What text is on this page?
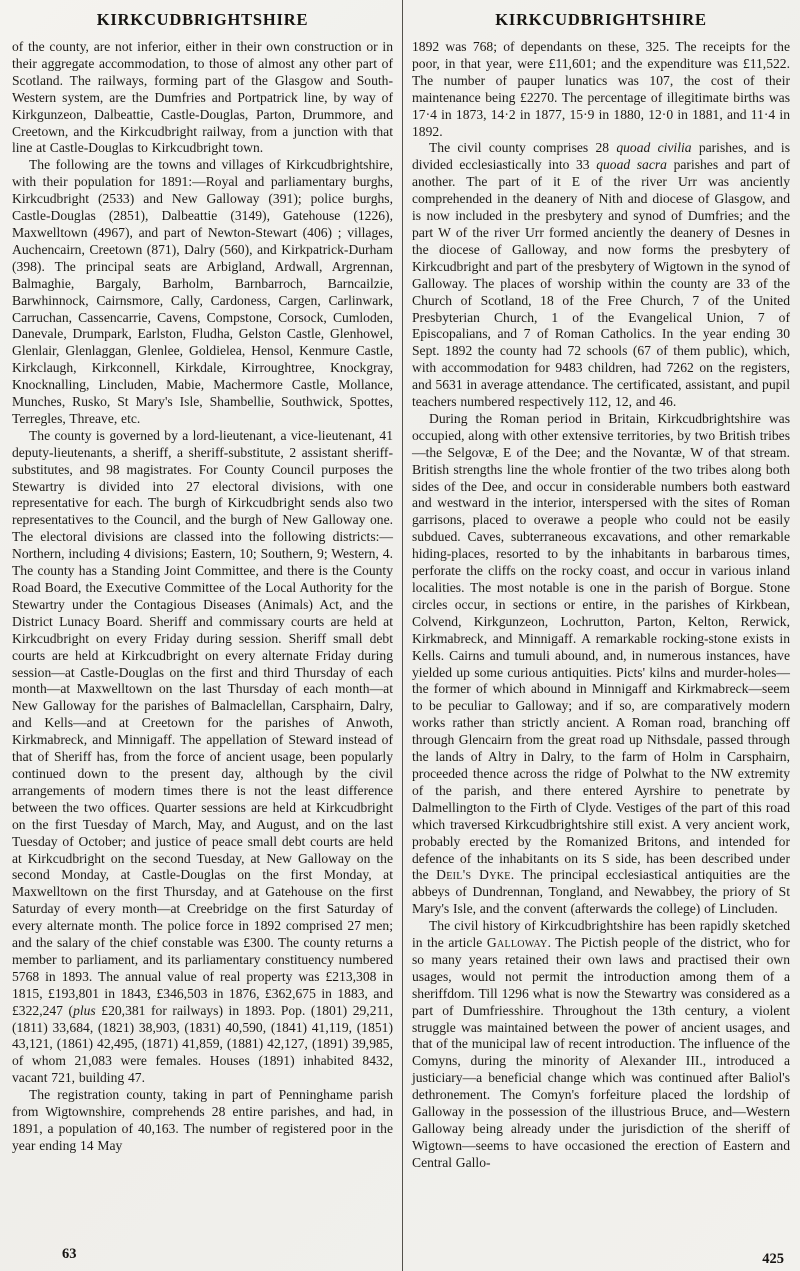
KIRKCUDBRIGHTSHIRE

of the county, are not inferior, either in their own construction or in their aggregate accommodation, to those of almost any other part of Scotland. The railways, forming part of the Glasgow and South-Western system, are the Dumfries and Portpatrick line, by way of Kirkgunzeon, Dalbeattie, Castle-Douglas, Parton, Drummore, and Creetown, and the Kirkcudbright railway, from a junction with that line at Castle-Douglas to Kirkcudbright town.

The following are the towns and villages of Kirkcudbrightshire, with their population for 1891:—Royal and parliamentary burghs, Kirkcudbright (2533) and New Galloway (391); police burghs, Castle-Douglas (2851), Dalbeattie (3149), Gatehouse (1226), Maxwelltown (4967), and part of Newton-Stewart (406) ; villages, Auchencairn, Creetown (871), Dalry (560), and Kirkpatrick-Durham (398). The principal seats are Arbigland, Ardwall, Argrennan, Balmaghie, Bargaly, Barholm, Barnbarroch, Barncailzie, Barwhinnock, Cairnsmore, Cally, Cardoness, Cargen, Carlinwark, Carruchan, Cassencarrie, Cavens, Compstone, Corsock, Cumloden, Danevale, Drumpark, Earlston, Fludha, Gelston Castle, Glenhowel, Glenlair, Glenlaggan, Glenlee, Goldielea, Hensol, Kenmure Castle, Kirkclaugh, Kirkconnell, Kirkdale, Kirroughtree, Knockgray, Knocknalling, Lincluden, Mabie, Machermore Castle, Mollance, Munches, Rusko, St Mary's Isle, Shambellie, Southwick, Spottes, Terregles, Threave, etc.

The county is governed by a lord-lieutenant, a vice-lieutenant, 41 deputy-lieutenants, a sheriff, a sheriff-substitute, 2 assistant sheriff-substitutes, and 98 magistrates. For County Council purposes the Stewartry is divided into 27 electoral divisions, with one representative for each. The burgh of Kirkcudbright sends also two representatives to the Council, and the burgh of New Galloway one. The electoral divisions are classed into the following districts:—Northern, including 4 divisions; Eastern, 10; Southern, 9; Western, 4. The county has a Standing Joint Committee, and there is the County Road Board, the Executive Committee of the Local Authority for the Stewartry under the Contagious Diseases (Animals) Act, and the District Lunacy Board. Sheriff and commissary courts are held at Kirkcudbright on every Friday during session. Sheriff small debt courts are held at Kirkcudbright on every alternate Friday during session—at Castle-Douglas on the first and third Thursday of each month—at Maxwelltown on the last Thursday of each month—at New Galloway for the parishes of Balmaclellan, Carsphairn, Dalry, and Kells—and at Creetown for the parishes of Anwoth, Kirkmabreck, and Minnigaff. The appellation of Steward instead of that of Sheriff has, from the force of ancient usage, been popularly continued down to the present day, although by the civil arrangements of modern times there is not the least difference between the two offices. Quarter sessions are held at Kirkcudbright on the first Tuesday of March, May, and August, and on the last Tuesday of October; and justice of peace small debt courts are held at Kirkcudbright on the second Tuesday, at New Galloway on the second Monday, at Castle-Douglas on the first Monday, at Maxwelltown on the first Thursday, and at Gatehouse on the first Saturday of every month—at Creebridge on the first Saturday of every alternate month. The police force in 1892 comprised 27 men; and the salary of the chief constable was £300. The county returns a member to parliament, and its parliamentary constituency numbered 5768 in 1893. The annual value of real property was £213,308 in 1815, £193,801 in 1843, £346,503 in 1876, £362,675 in 1883, and £322,247 (plus £20,381 for railways) in 1893. Pop. (1801) 29,211, (1811) 33,684, (1821) 38,903, (1831) 40,590, (1841) 41,119, (1851) 43,121, (1861) 42,495, (1871) 41,859, (1881) 42,127, (1891) 39,985, of whom 21,083 were females. Houses (1891) inhabited 8432, vacant 721, building 47.

The registration county, taking in part of Penninghame parish from Wigtownshire, comprehends 28 entire parishes, and had, in 1891, a population of 40,163. The number of registered poor in the year ending 14 May

KIRKCUDBRIGHTSHIRE

1892 was 768; of dependants on these, 325. The receipts for the poor, in that year, were £11,601; and the expenditure was £11,522. The number of pauper lunatics was 107, the cost of their maintenance being £2270. The percentage of illegitimate births was 17·4 in 1873, 14·2 in 1877, 15·9 in 1880, 12·0 in 1881, and 11·4 in 1892.

The civil county comprises 28 quoad civilia parishes, and is divided ecclesiastically into 33 quoad sacra parishes and part of another. The part of it E of the river Urr was anciently comprehended in the deanery of Nith and diocese of Glasgow, and is now included in the presbytery and synod of Dumfries; and the part W of the river Urr formed anciently the deanery of Desnes in the diocese of Galloway, and now forms the presbytery of Kirkcudbright and part of the presbytery of Wigtown in the synod of Galloway. The places of worship within the county are 33 of the Church of Scotland, 18 of the Free Church, 7 of the United Presbyterian Church, 1 of the Evangelical Union, 7 of Episcopalians, and 7 of Roman Catholics. In the year ending 30 Sept. 1892 the county had 72 schools (67 of them public), which, with accommodation for 9483 children, had 7262 on the registers, and 5631 in average attendance. The certificated, assistant, and pupil teachers numbered respectively 112, 12, and 46.

During the Roman period in Britain, Kirkcudbrightshire was occupied, along with other extensive territories, by two British tribes—the Selgovæ, E of the Dee; and the Novantæ, W of that stream. British strengths line the whole frontier of the two tribes along both sides of the Dee, and occur in considerable numbers both eastward and westward in the interior, interspersed with the sites of Roman garrisons, placed to overawe a people who could not be easily subdued. Caves, subterraneous excavations, and other remarkable hiding-places, resorted to by the inhabitants in barbarous times, perforate the cliffs on the rocky coast, and occur in various inland localities. The most notable is one in the parish of Borgue. Stone circles occur, in sections or entire, in the parishes of Kirkbean, Colvend, Kirkgunzeon, Lochrutton, Parton, Kelton, Rerwick, Kirkmabreck, and Minnigaff. A remarkable rocking-stone exists in Kells. Cairns and tumuli abound, and, in numerous instances, have yielded up some curious antiquities. Picts' kilns and murder-holes—the former of which abound in Minnigaff and Kirkmabreck—seem to be peculiar to Galloway; and if so, are comparatively modern works rather than strictly ancient. A Roman road, branching off through Glencairn from the great road up Nithsdale, passed through the lands of Altry in Dalry, to the farm of Holm in Carsphairn, proceeded thence across the ridge of Polwhat to the NW extremity of the parish, and there entered Ayrshire to penetrate by Dalmellington to the Firth of Clyde. Vestiges of the part of this road which traversed Kirkcudbrightshire still exist. A very ancient work, probably erected by the Romanized Britons, and intended for defence of the inhabitants on its S side, has been described under the Deil's Dyke. The principal ecclesiastical antiquities are the abbeys of Dundrennan, Tongland, and Newabbey, the priory of St Mary's Isle, and the convent (afterwards the college) of Lincluden.

The civil history of Kirkcudbrightshire has been rapidly sketched in the article Galloway. The Pictish people of the district, who for so many years retained their own laws and practised their own usages, would not permit the introduction among them of a sheriffdom. Till 1296 what is now the Stewartry was considered as a part of Dumfriesshire. Throughout the 13th century, a violent struggle was maintained between the power of ancient usages, and that of the municipal law of recent introduction. The influence of the Comyns, during the minority of Alexander III., introduced a justiciary—a beneficial change which was continued after Baliol's dethronement. The Comyn's forfeiture placed the lordship of Galloway in the possession of the illustrious Bruce, and—Western Galloway being already under the jurisdiction of the sheriff of Wigtown—seems to have occasioned the erection of Eastern and Central Gallo-

63	425
